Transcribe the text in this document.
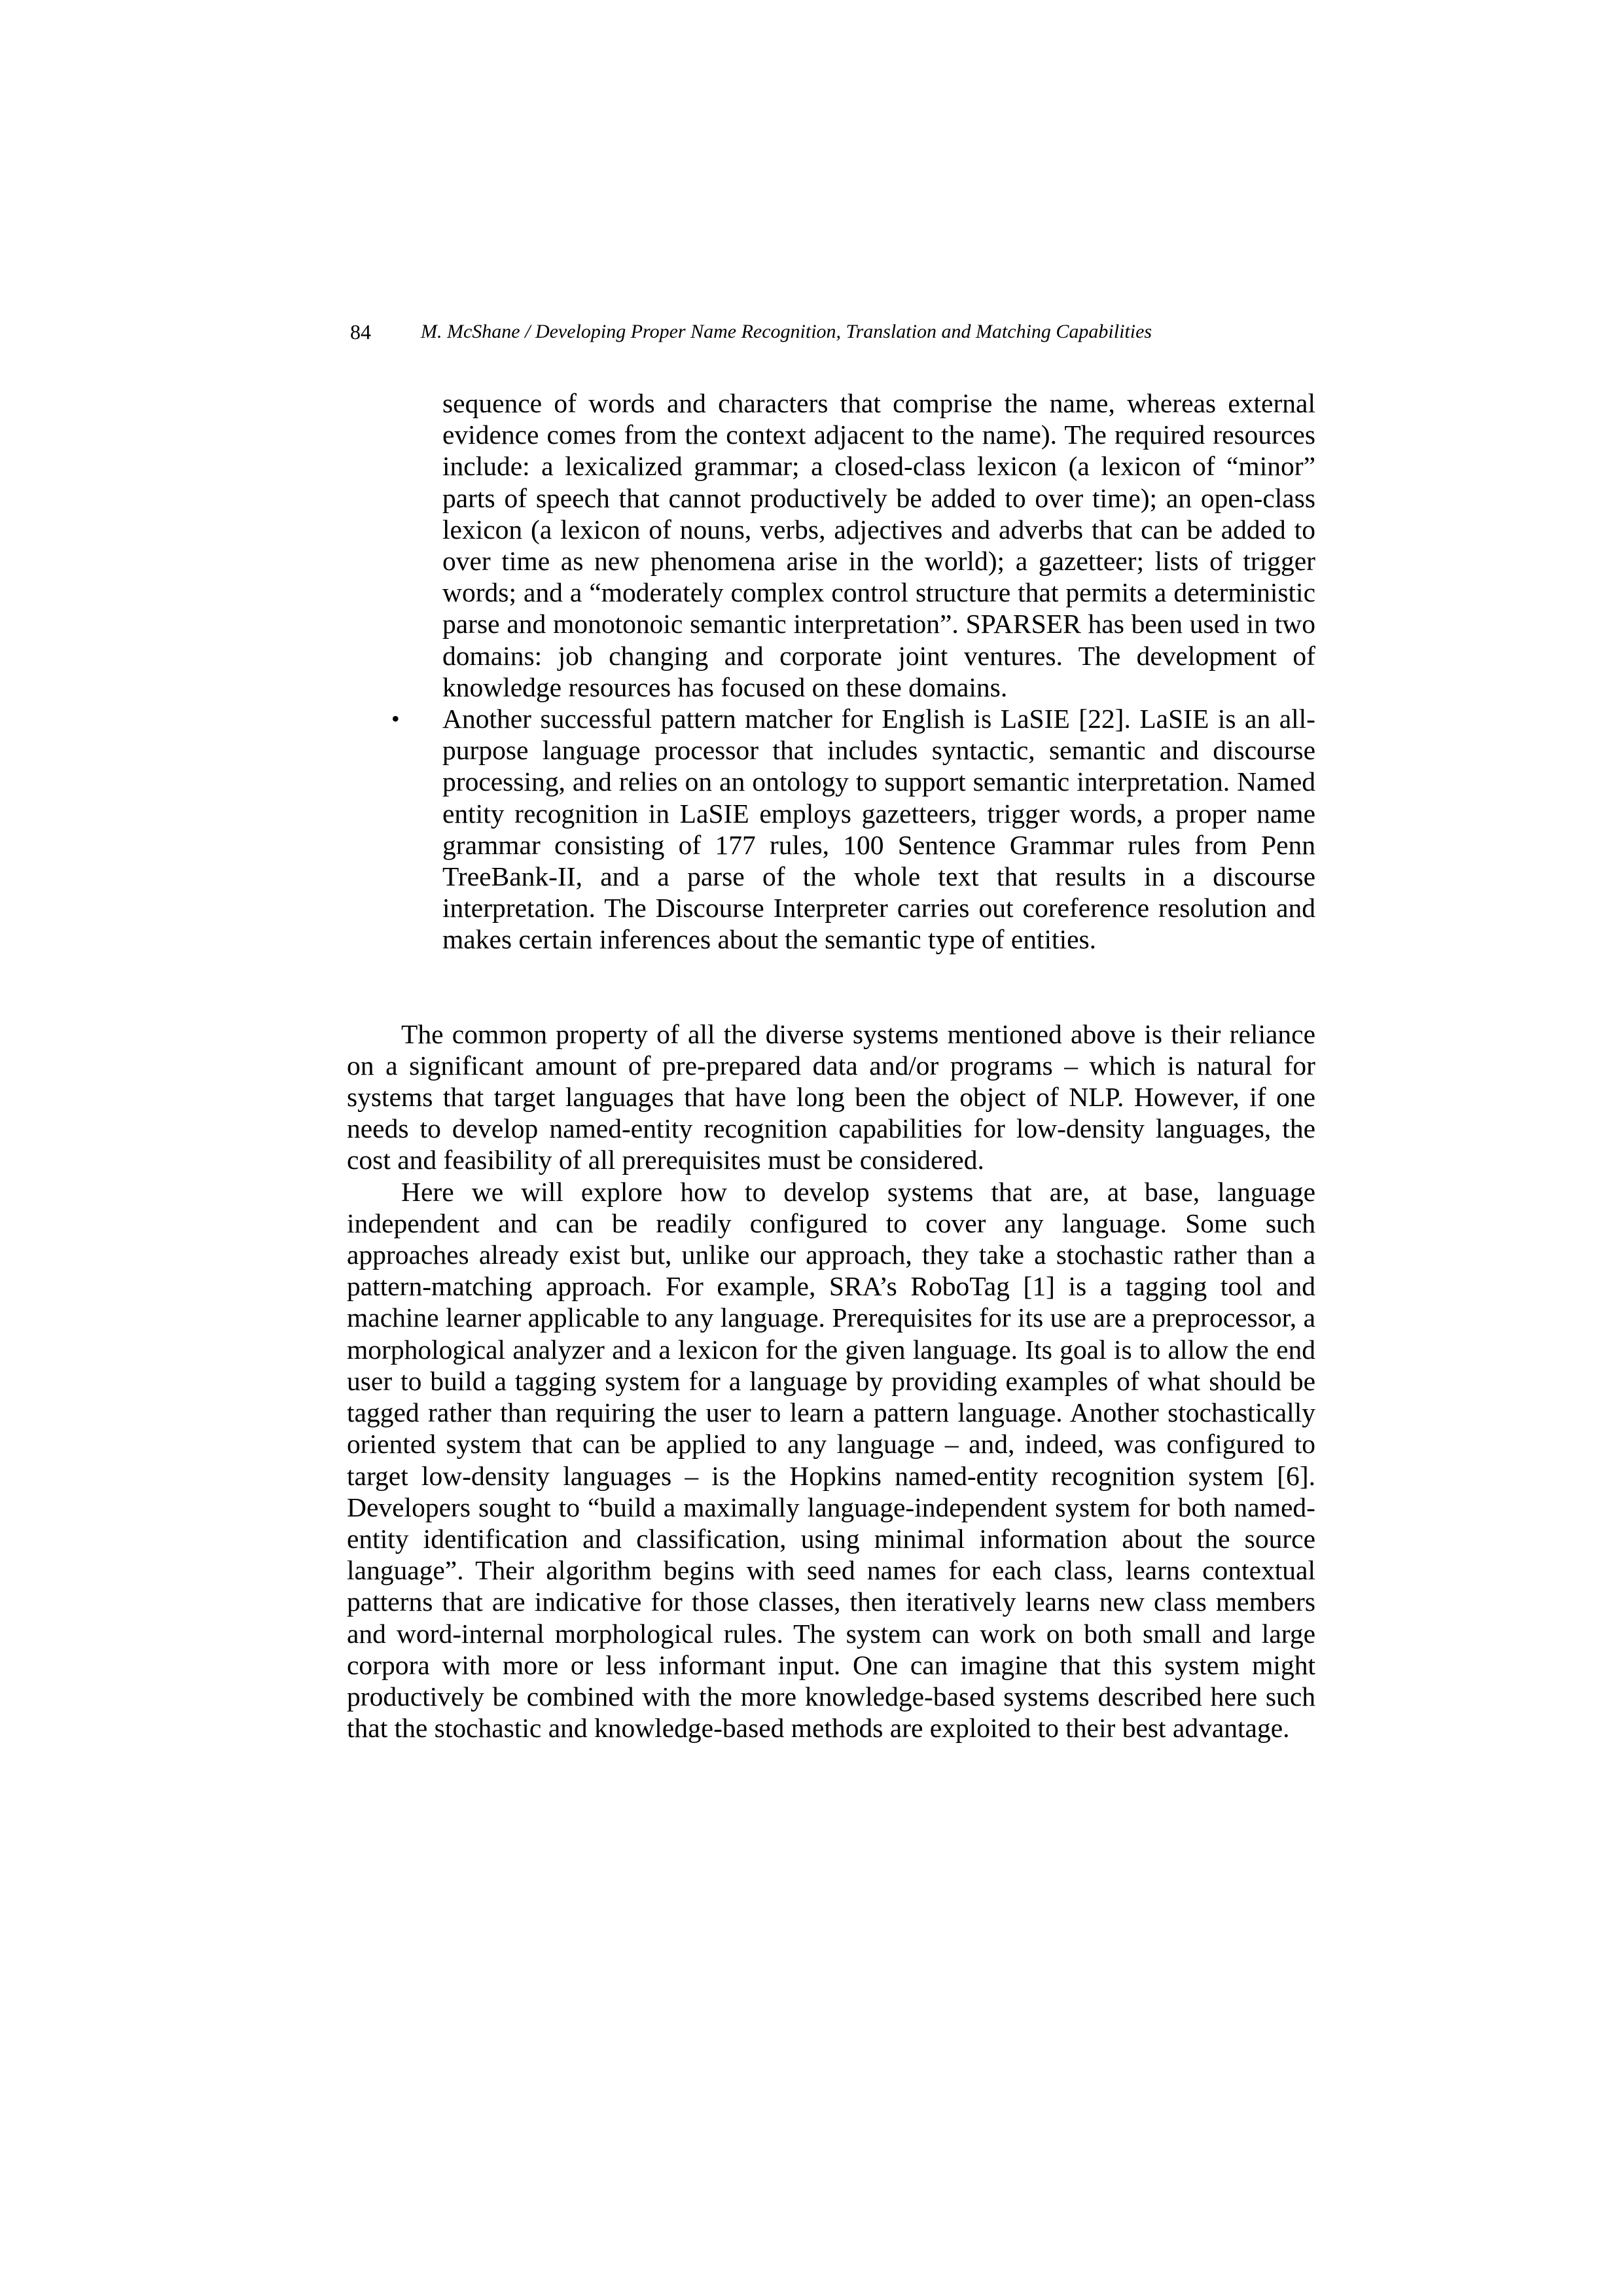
84	M. McShane / Developing Proper Name Recognition, Translation and Matching Capabilities
sequence of words and characters that comprise the name, whereas external evidence comes from the context adjacent to the name). The required resources include: a lexicalized grammar; a closed-class lexicon (a lexicon of “minor” parts of speech that cannot productively be added to over time); an open-class lexicon (a lexicon of nouns, verbs, adjectives and adverbs that can be added to over time as new phenomena arise in the world); a gazetteer; lists of trigger words; and a “moderately complex control structure that permits a deterministic parse and monotonoic semantic interpretation”. SPARSER has been used in two domains: job changing and corporate joint ventures. The development of knowledge resources has focused on these domains.
• Another successful pattern matcher for English is LaSIE [22]. LaSIE is an all-purpose language processor that includes syntactic, semantic and discourse processing, and relies on an ontology to support semantic interpretation. Named entity recognition in LaSIE employs gazetteers, trigger words, a proper name grammar consisting of 177 rules, 100 Sentence Grammar rules from Penn TreeBank-II, and a parse of the whole text that results in a discourse interpretation. The Discourse Interpreter carries out coreference resolution and makes certain inferences about the semantic type of entities.

The common property of all the diverse systems mentioned above is their reliance on a significant amount of pre-prepared data and/or programs – which is natural for systems that target languages that have long been the object of NLP. However, if one needs to develop named-entity recognition capabilities for low-density languages, the cost and feasibility of all prerequisites must be considered.

Here we will explore how to develop systems that are, at base, language independent and can be readily configured to cover any language. Some such approaches already exist but, unlike our approach, they take a stochastic rather than a pattern-matching approach. For example, SRA’s RoboTag [1] is a tagging tool and machine learner applicable to any language. Prerequisites for its use are a preprocessor, a morphological analyzer and a lexicon for the given language. Its goal is to allow the end user to build a tagging system for a language by providing examples of what should be tagged rather than requiring the user to learn a pattern language. Another stochastically oriented system that can be applied to any language – and, indeed, was configured to target low-density languages – is the Hopkins named-entity recognition system [6]. Developers sought to “build a maximally language-independent system for both named-entity identification and classification, using minimal information about the source language”. Their algorithm begins with seed names for each class, learns contextual patterns that are indicative for those classes, then iteratively learns new class members and word-internal morphological rules. The system can work on both small and large corpora with more or less informant input. One can imagine that this system might productively be combined with the more knowledge-based systems described here such that the stochastic and knowledge-based methods are exploited to their best advantage.
